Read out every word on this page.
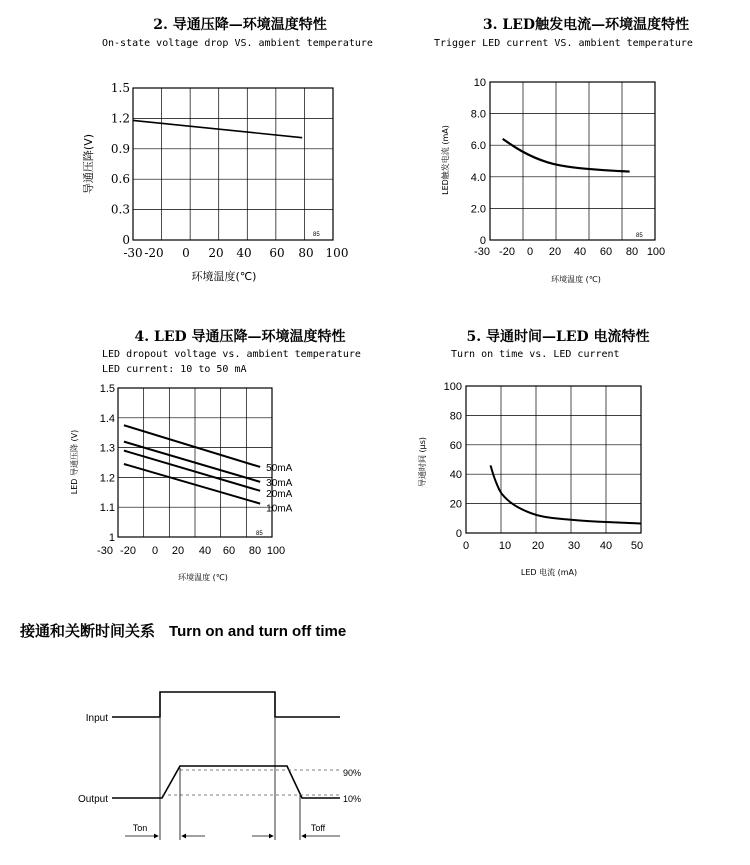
2. 导通压降—环境温度特性
On-state voltage drop VS. ambient temperature
3. LED触发电流—环境温度特性
Trigger LED current VS. ambient temperature
4. LED 导通压降—环境温度特性
LED dropout voltage vs. ambient temperature
LED current: 10 to 50 mA
5. 导通时间—LED 电流特性
Turn on time vs. LED current
接通和关断时间关系 Turn on and turn off time
-30 -20 0 20 40 60 80 100
0
0.3
0.6
0.9
1.2
1.5
85
环境温度(℃)
导通压降(V)
-30 -20 0 20 40 60 80 100
0
2.0
4.0
6.0
8.0
10
85
环境温度 (℃)
LED触发电流 (mA)
-30 -20 0 20 40 60 80 100
1
1.1
1.2
1.3
1.4
1.5
85
环境温度 (℃)
LED 导通压降 (V)	50mA
30mA
20mA
10mA
0	10 20 30 40 50
0
20
40
60
80
100
LED 电流 (mA)
导通时间 (μs)
Input
Output
90%
10%
Ton	Toff
